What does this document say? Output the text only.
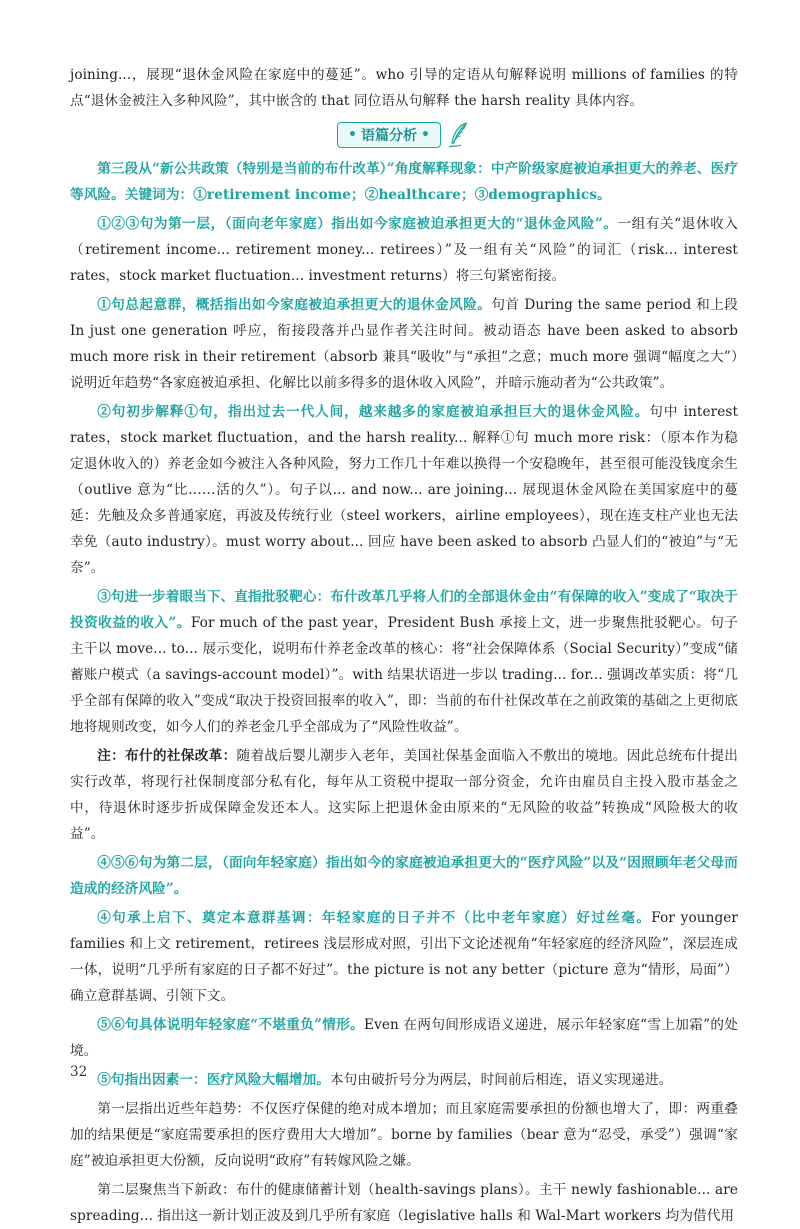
joining...，展现“退休金风险在家庭中的蔓延”。who 引导的定语从句解释说明 millions of families 的特点“退休金被注入多种风险”，其中嵌含的 that 同位语从句解释 the harsh reality 具体内容。

• 语篇分析 •

第三段从“新公共政策（特别是当前的布什改革）”角度解释现象：中产阶级家庭被迫承担更大的养老、医疗等风险。关键词为：①retirement income；②healthcare；③demographics。

①②③句为第一层，（面向老年家庭）指出如今家庭被迫承担更大的“退休金风险”。一组有关“退休收入（retirement income... retirement money... retirees）”及一组有关“风险”的词汇（risk... interest rates，stock market fluctuation... investment returns）将三句紧密衔接。

①句总起意群，概括指出如今家庭被迫承担更大的退休金风险。句首 During the same period 和上段 In just one generation 呼应，衔接段落并凸显作者关注时间。被动语态 have been asked to absorb much more risk in their retirement（absorb 兼具“吸收”与“承担”之意；much more 强调“幅度之大”）说明近年趋势“各家庭被迫承担、化解比以前多得多的退休收入风险”，并暗示施动者为“公共政策”。

②句初步解释①句，指出过去一代人间，越来越多的家庭被迫承担巨大的退休金风险。句中 interest rates，stock market fluctuation，and the harsh reality... 解释①句 much more risk：（原本作为稳定退休收入的）养老金如今被注入各种风险，努力工作几十年难以换得一个安稳晚年，甚至很可能没钱度余生（outlive 意为“比……活的久”）。句子以... and now... are joining... 展现退休金风险在美国家庭中的蔓延：先触及众多普通家庭，再波及传统行业（steel workers，airline employees），现在连支柱产业也无法幸免（auto industry）。must worry about... 回应 have been asked to absorb 凸显人们的“被迫”与“无奈”。

③句进一步着眼当下、直指批驳靶心：布什改革几乎将人们的全部退休金由“有保障的收入”变成了“取决于投资收益的收入”。For much of the past year，President Bush 承接上文，进一步聚焦批驳靶心。句子主干以 move... to... 展示变化，说明布什养老金改革的核心：将“社会保障体系（Social Security）”变成“储蓄账户模式（a savings-account model）”。with 结果状语进一步以 trading... for... 强调改革实质：将“几乎全部有保障的收入”变成“取决于投资回报率的收入”，即：当前的布什社保改革在之前政策的基础之上更彻底地将规则改变，如今人们的养老金几乎全部成为了“风险性收益”。

注：布什的社保改革：随着战后婴儿潮步入老年，美国社保基金面临入不敷出的境地。因此总统布什提出实行改革，将现行社保制度部分私有化，每年从工资税中提取一部分资金，允许由雇员自主投入股市基金之中，待退休时逐步折成保障金发还本人。这实际上把退休金由原来的“无风险的收益”转换成“风险极大的收益”。

④⑤⑥句为第二层，（面向年轻家庭）指出如今的家庭被迫承担更大的“医疗风险”以及“因照顾年老父母而造成的经济风险”。

④句承上启下、奠定本意群基调：年轻家庭的日子并不（比中老年家庭）好过丝毫。For younger families 和上文 retirement，retirees 浅层形成对照，引出下文论述视角“年轻家庭的经济风险”，深层连成一体，说明“几乎所有家庭的日子都不好过”。the picture is not any better（picture 意为“情形，局面”）确立意群基调、引领下文。

⑤⑥句具体说明年轻家庭“不堪重负”情形。Even 在两句间形成语义递进，展示年轻家庭“雪上加霜”的处境。

⑤句指出因素一：医疗风险大幅增加。本句由破折号分为两层，时间前后相连，语义实现递进。

第一层指出近些年趋势：不仅医疗保健的绝对成本增加；而且家庭需要承担的份额也增大了，即：两重叠加的结果便是“家庭需要承担的医疗费用大大增加”。borne by families（bear 意为“忍受，承受”）强调“家庭”被迫承担更大份额，反向说明“政府”有转嫁风险之嫌。

第二层聚焦当下新政：布什的健康储蓄计划（health-savings plans）。主干 newly fashionable... are spreading... 指出这一新计划正波及到几乎所有家庭（legislative halls 和 Wal-Mart workers 均为借代用

32
